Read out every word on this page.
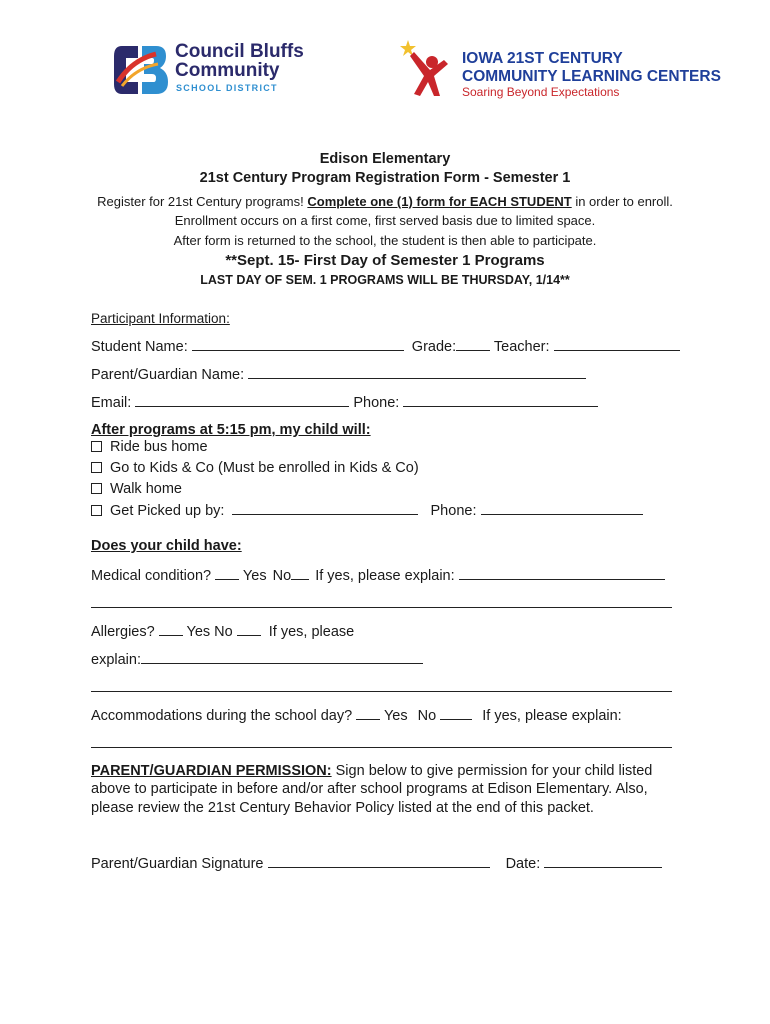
Council Bluffs
Community
SCHOOL DISTRICT
IOWA 21ST CENTURY
COMMUNITY LEARNING CENTERS
Soaring Beyond Expectations
Edison Elementary
21st Century Program Registration Form - Semester 1
Register for 21st Century programs! Complete one (1) form for EACH STUDENT in order to enroll.
Enrollment occurs on a first come, first served basis due to limited space.
After form is returned to the school, the student is then able to participate.
**Sept. 15- First Day of Semester 1 Programs
LAST DAY OF SEM. 1 PROGRAMS WILL BE THURSDAY, 1/14**
Participant Information:
Student Name:	Grade:	Teacher:
Parent/Guardian Name:
Email:	Phone:
After programs at 5:15 pm, my child will:
Ride bus home
Go to Kids & Co (Must be enrolled in Kids & Co)
Walk home
Get Picked up by:	Phone:
Does your child have:
Medical condition? Yes No If yes, please explain:
Allergies? Yes No If yes, please
explain:
Accommodations during the school day? Yes No	If yes, please explain:
PARENT/GUARDIAN PERMISSION: Sign below to give permission for your child listed
above to participate in before and/or after school programs at Edison Elementary. Also,
please review the 21st Century Behavior Policy listed at the end of this packet.
Parent/Guardian Signature	Date:
